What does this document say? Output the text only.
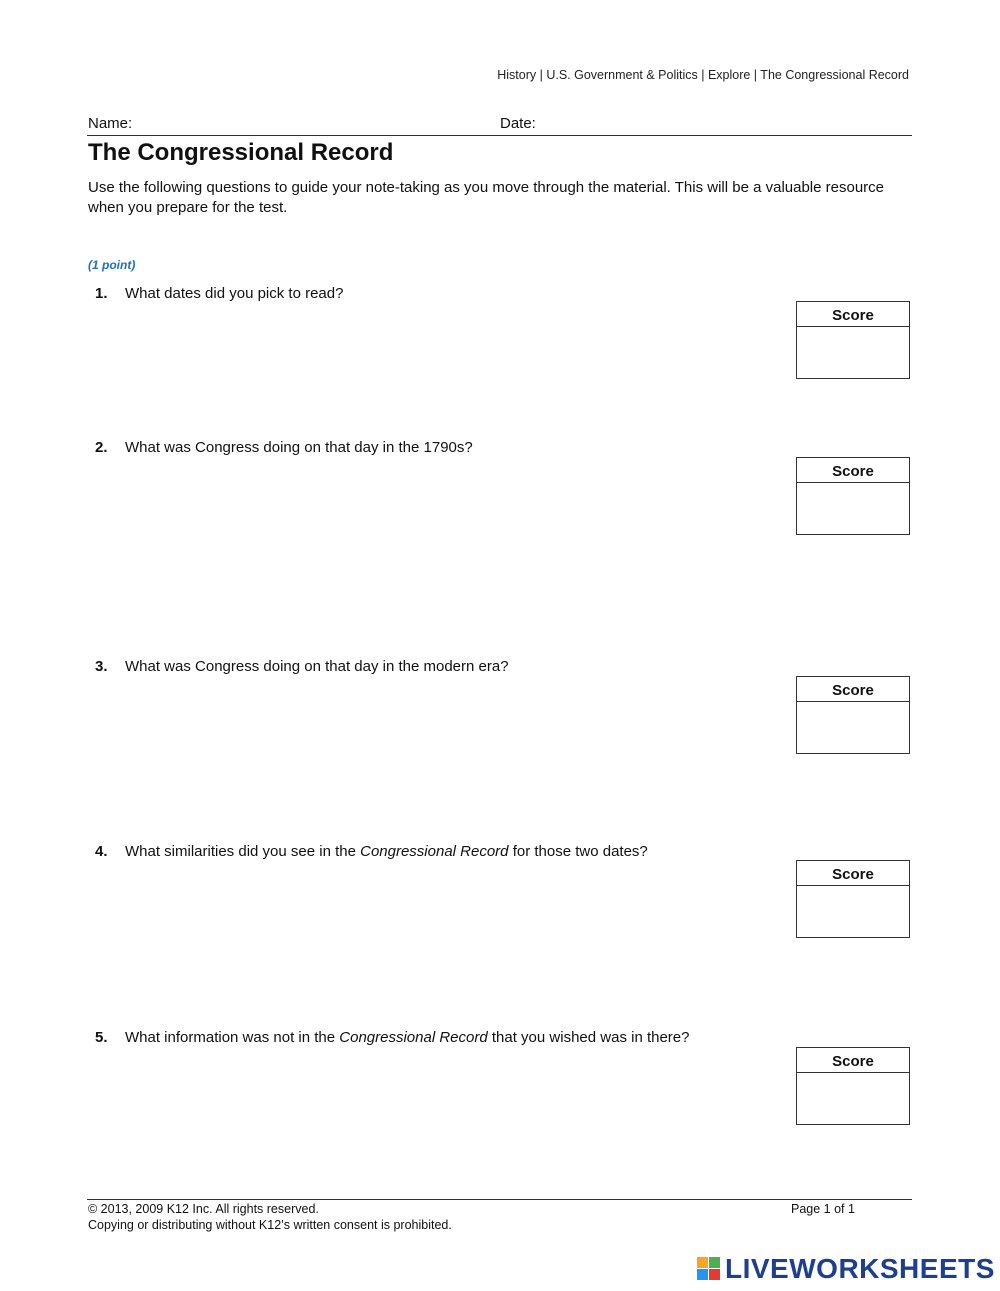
History | U.S. Government & Politics | Explore | The Congressional Record
Name:	Date:
The Congressional Record
Use the following questions to guide your note-taking as you move through the material. This will be a valuable resource when you prepare for the test.
(1 point)
1. What dates did you pick to read?
Score
2. What was Congress doing on that day in the 1790s?
Score
3. What was Congress doing on that day in the modern era?
Score
4. What similarities did you see in the Congressional Record for those two dates?
Score
5. What information was not in the Congressional Record that you wished was in there?
Score
© 2013, 2009 K12 Inc. All rights reserved.
Copying or distributing without K12’s written consent is prohibited.
Page 1 of 1
LIVEWORKSHEETS
